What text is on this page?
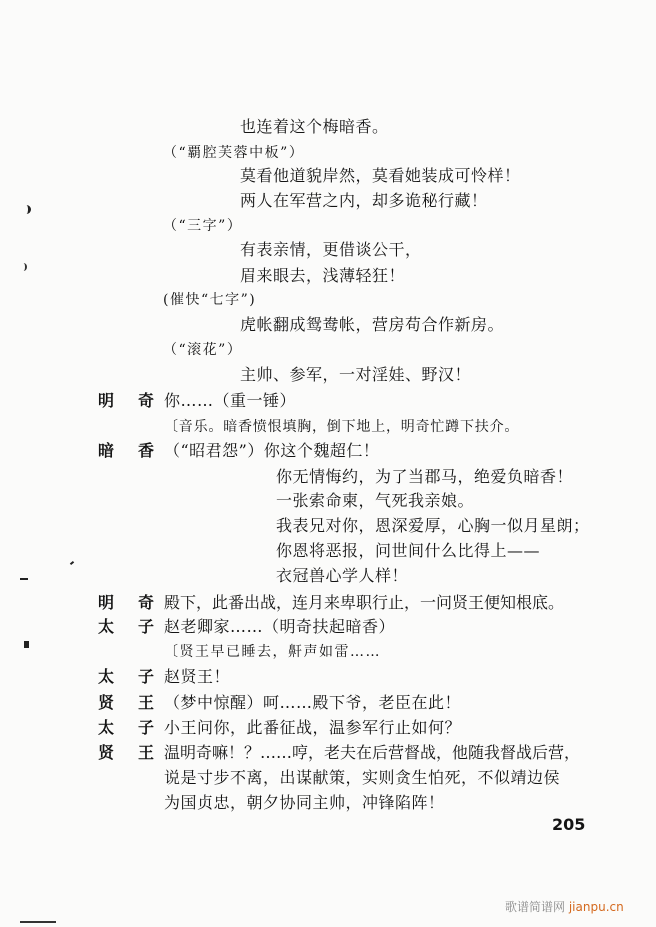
也连着这个梅暗香。
（“覇腔芙蓉中板”）
莫看他道貌岸然，莫看她装成可怜样！
两人在军营之内，却多诡秘行藏！
（“三字”）
有表亲情，更借谈公干，
眉来眼去，浅薄轻狂！
(催快“七字”)
虎帐翻成鸳鸯帐，营房苟合作新房。
（“滚花”）
主帅、参军，一对淫娃、野汉！
明 奇 你……（重一锤）
〔音乐。暗香愤恨填胸，倒下地上，明奇忙蹲下扶介。
暗 香 （“昭君怨”）你这个魏超仁！
你无情悔约，为了当郡马，绝爱负暗香！
一张索命柬，气死我亲娘。
我表兄对你，恩深爱厚，心胸一似月星朗；
你恩将恶报，问世间什么比得上——
衣冠兽心学人样！
明 奇 殿下，此番出战，连月来卑职行止，一问贤王便知根底。
太 子 赵老卿家……（明奇扶起暗香）
〔贤王早已睡去，鼾声如雷……
太 子 赵贤王！
贤 王 （梦中惊醒）呵……殿下爷，老臣在此！
太 子 小王问你，此番征战，温参军行止如何？
贤 王 温明奇嘛！？……哼，老夫在后营督战，他随我督战后营，
说是寸步不离，出谋献策，实则贪生怕死，不似靖边侯
为国贞忠，朝夕协同主帅，冲锋陷阵！
205
歌谱简谱网 jianpu.cn
